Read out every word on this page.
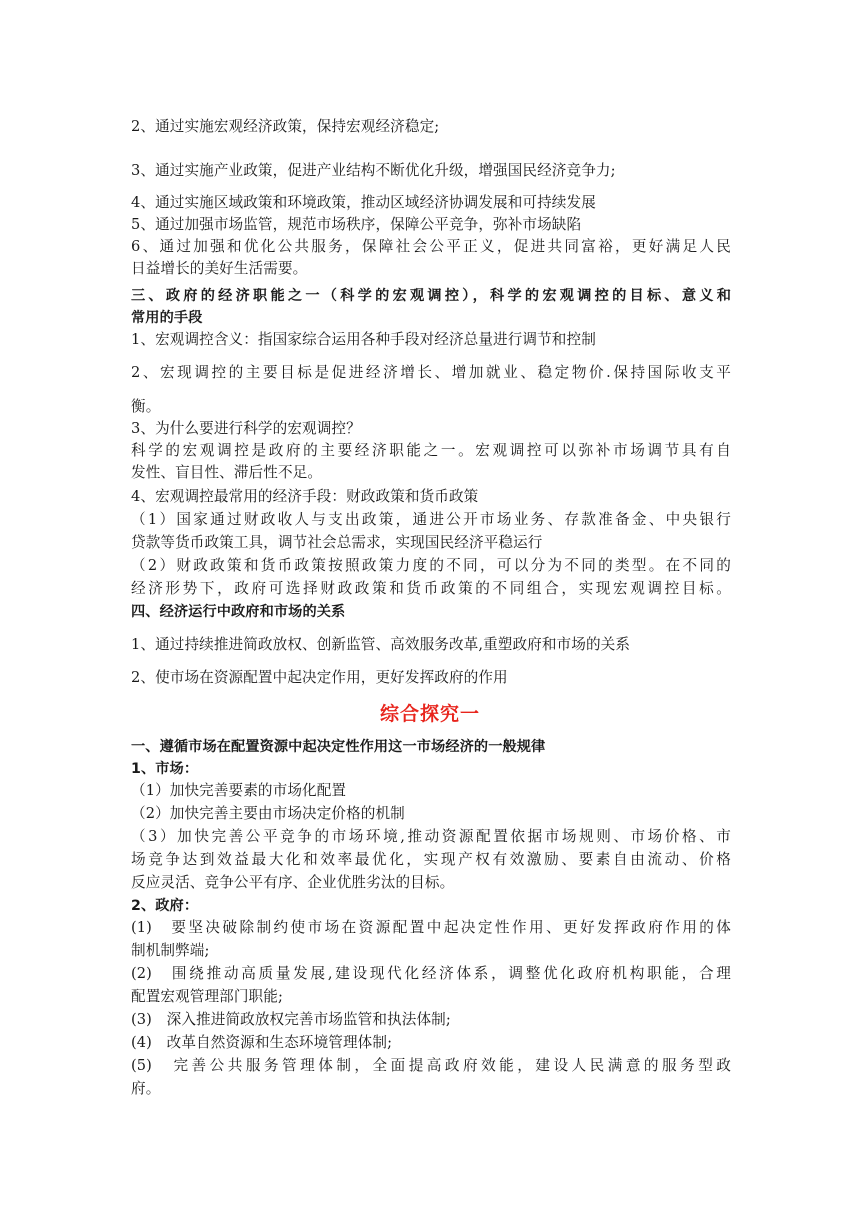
2、通过实施宏观经济政策，保持宏观经济稳定;
3、通过实施产业政策，促进产业结构不断优化升级，增强国民经济竞争力;
4、通过实施区域政策和环境政策，推动区域经济协调发展和可持续发展
5、通过加强市场监管，规范市场秩序，保障公平竞争，弥补市场缺陷
6、通过加强和优化公共服务，保障社会公平正义，促进共同富裕，更好满足人民
日益增长的美好生活需要。
三、政府的经济职能之一（科学的宏观调控），科学的宏观调控的目标、意义和
常用的手段
1、宏观调控含义：指国家综合运用各种手段对经济总量进行调节和控制
2、宏现调控的主要目标是促进经济增长、增加就业、稳定物价.保持国际收支平
衡。
3、为什么要进行科学的宏观调控？
科学的宏观调控是政府的主要经济职能之一。宏观调控可以弥补市场调节具有自
发性、盲目性、滞后性不足。
4、宏观调控最常用的经济手段：财政政策和货币政策
（1）国家通过财政收人与支出政策，通进公开市场业务、存款准备金、中央银行
贷款等货币政策工具，调节社会总需求，实现国民经济平稳运行
（2）财政政策和货币政策按照政策力度的不同，可以分为不同的类型。在不同的
经济形势下，政府可选择财政政策和货币政策的不同组合，实现宏观调控目标。
四、经济运行中政府和市场的关系
1、通过持续推进简政放权、创新监管、高效服务改革,重塑政府和市场的关系
2、使市场在资源配置中起决定作用，更好发挥政府的作用
综合探究一
一、遵循市场在配置资源中起决定性作用这一市场经济的一般规律
1、市场：
（1）加快完善要素的市场化配置
（2）加快完善主要由市场决定价格的机制
（3）加快完善公平竞争的市场环境,推动资源配置依据市场规则、市场价格、市
场竞争达到效益最大化和效率最优化，实现产权有效激励、要素自由流动、价格
反应灵活、竞争公平有序、企业优胜劣汰的目标。
2、政府：
(1)　要坚决破除制约使市场在资源配置中起决定性作用、更好发挥政府作用的体
制机制弊端;
(2)　围绕推动高质量发展,建设现代化经济体系，调整优化政府机构职能，合理
配置宏观管理部门职能;
(3)　深入推进简政放权完善市场监管和执法体制;
(4)　改革自然资源和生态环境管理体制;
(5)　完善公共服务管理体制，全面提高政府效能，建设人民满意的服务型政
府。
